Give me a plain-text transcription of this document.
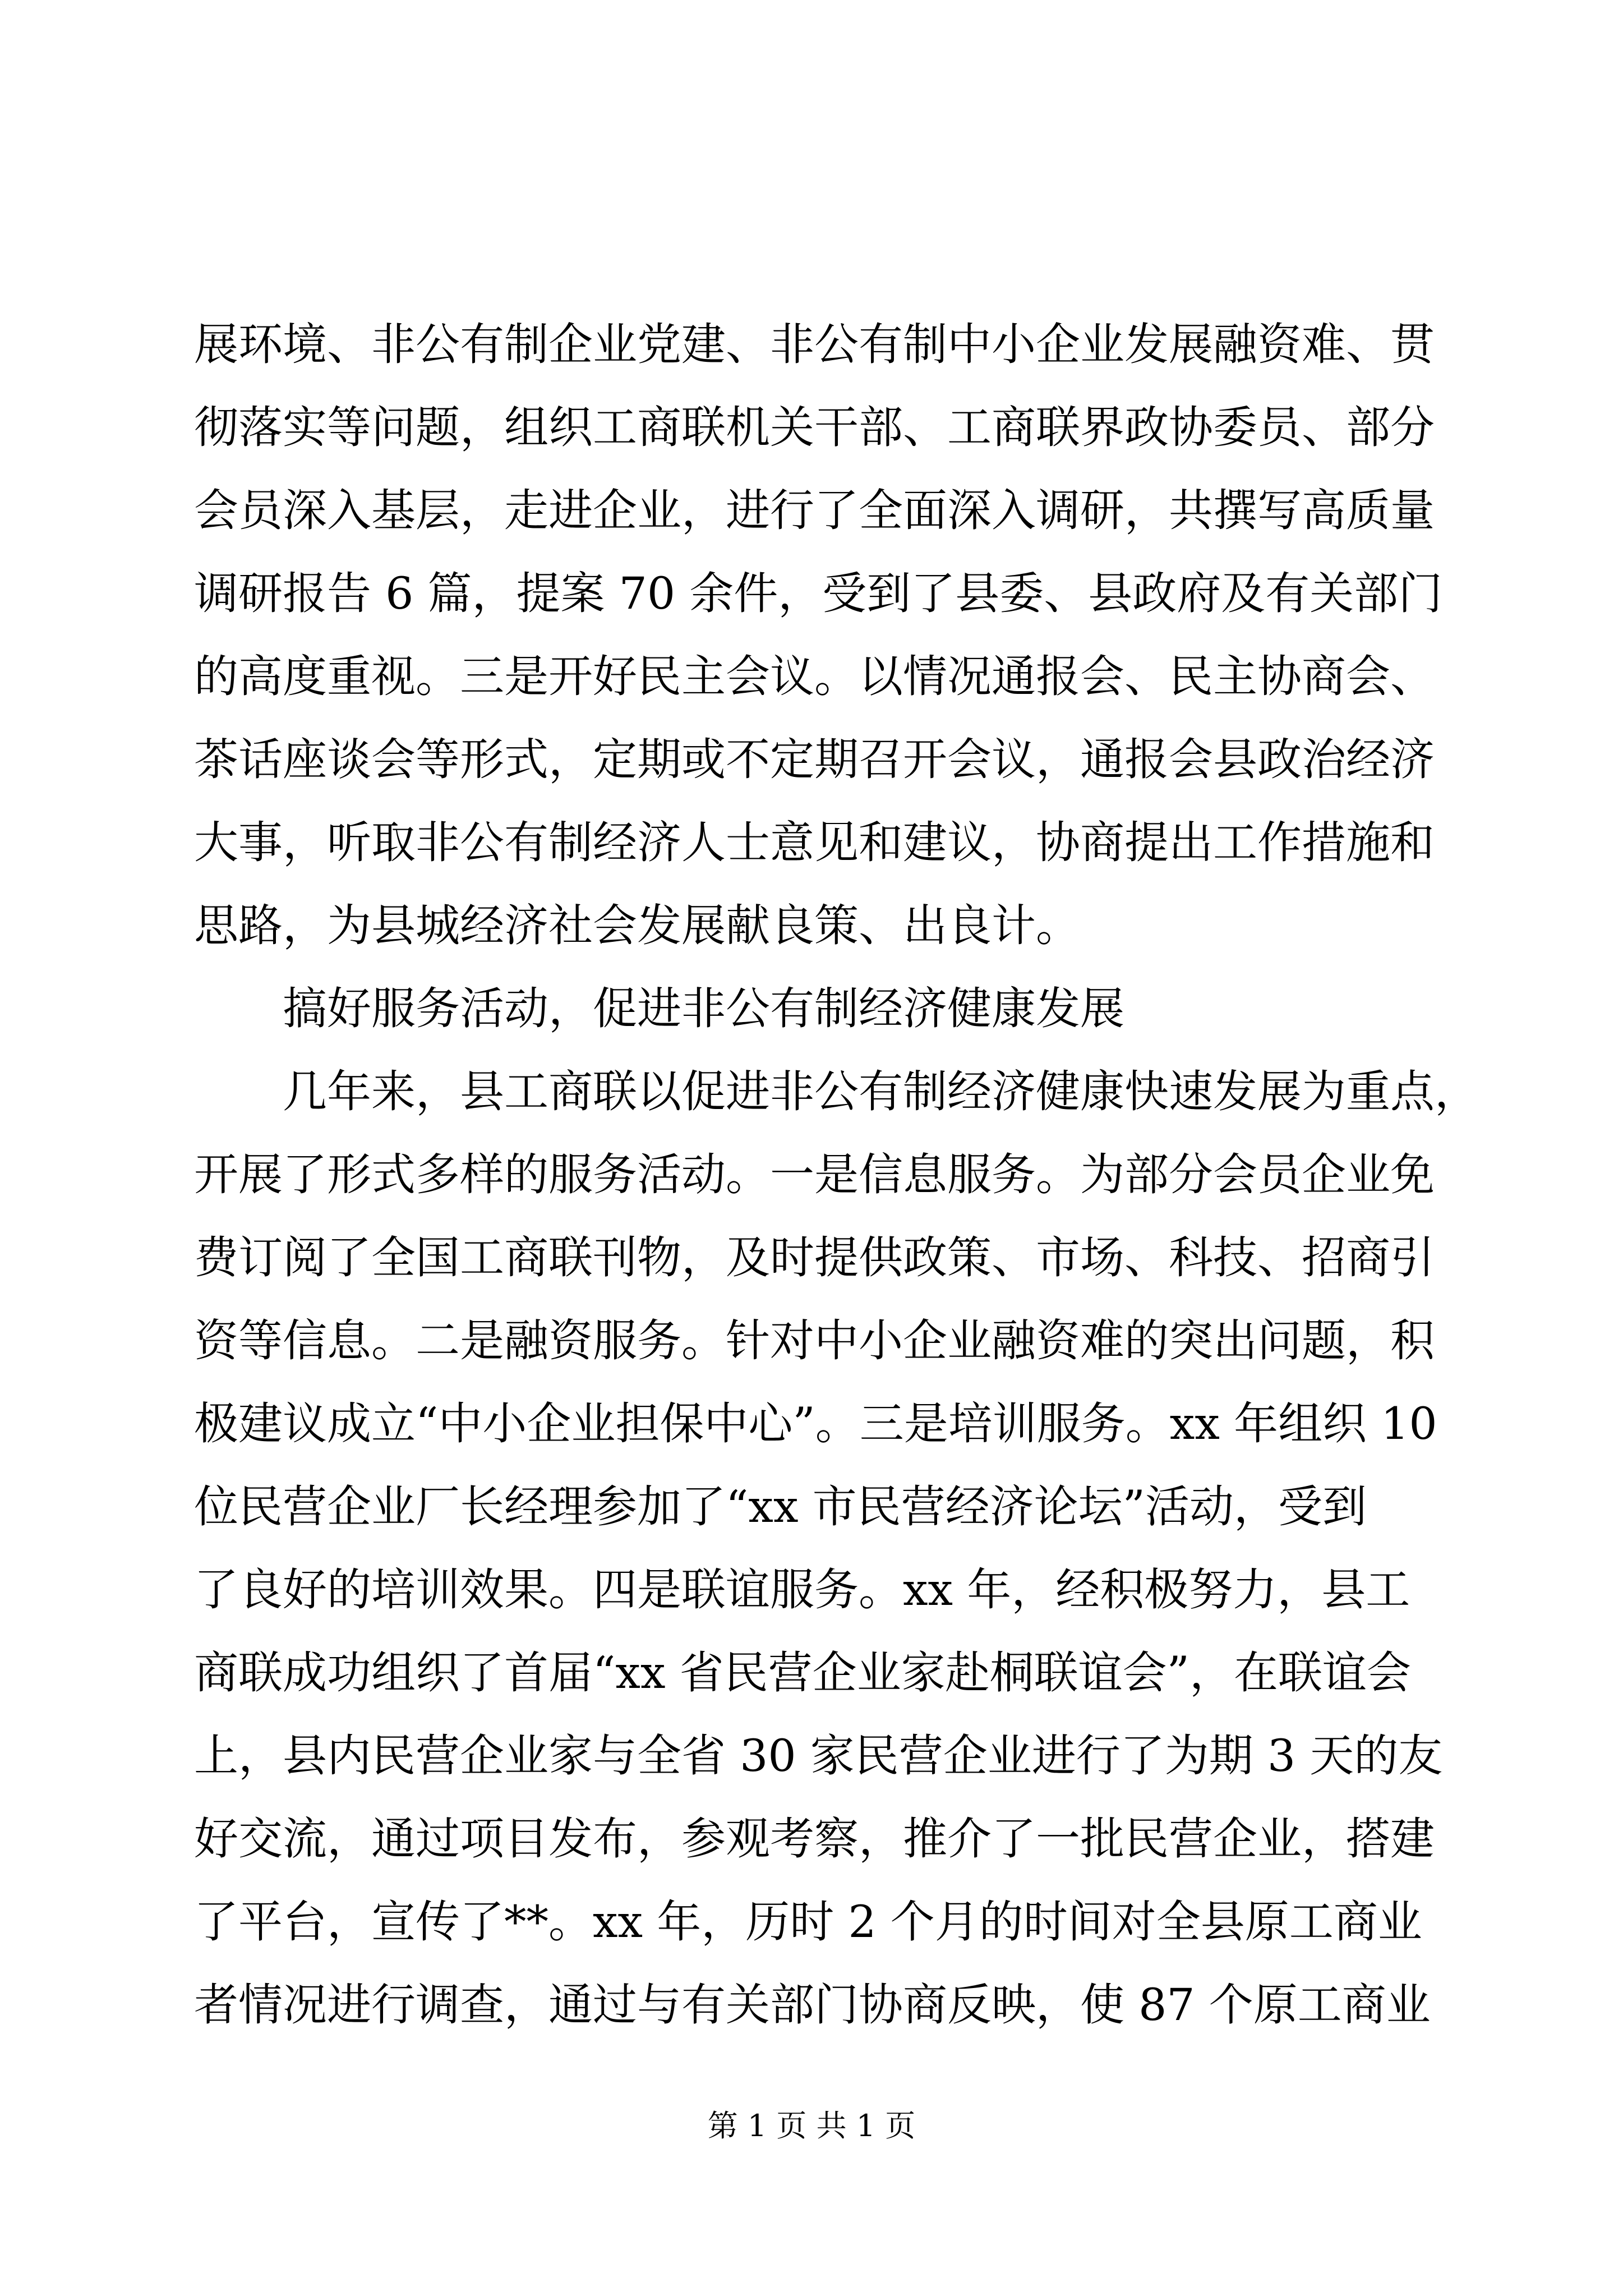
展环境、非公有制企业党建、非公有制中小企业发展融资难、贯
彻落实等问题，组织工商联机关干部、工商联界政协委员、部分
会员深入基层，走进企业，进行了全面深入调研，共撰写高质量
调研报告 6 篇，提案 70 余件，受到了县委、县政府及有关部门
的高度重视。三是开好民主会议。以情况通报会、民主协商会、
茶话座谈会等形式，定期或不定期召开会议，通报会县政治经济
大事，听取非公有制经济人士意见和建议，协商提出工作措施和
思路，为县城经济社会发展献良策、出良计。
　　搞好服务活动，促进非公有制经济健康发展
　　几年来，县工商联以促进非公有制经济健康快速发展为重点，
开展了形式多样的服务活动。一是信息服务。为部分会员企业免
费订阅了全国工商联刊物，及时提供政策、市场、科技、招商引
资等信息。二是融资服务。针对中小企业融资难的突出问题，积
极建议成立“中小企业担保中心”。三是培训服务。xx 年组织 10
位民营企业厂长经理参加了“xx 市民营经济论坛”活动，受到
了良好的培训效果。四是联谊服务。xx 年，经积极努力，县工
商联成功组织了首届“xx 省民营企业家赴桐联谊会”，在联谊会
上，县内民营企业家与全省 30 家民营企业进行了为期 3 天的友
好交流，通过项目发布，参观考察，推介了一批民营企业，搭建
了平台，宣传了**。xx 年，历时 2 个月的时间对全县原工商业
者情况进行调查，通过与有关部门协商反映，使 87 个原工商业
第 1 页 共 1 页
